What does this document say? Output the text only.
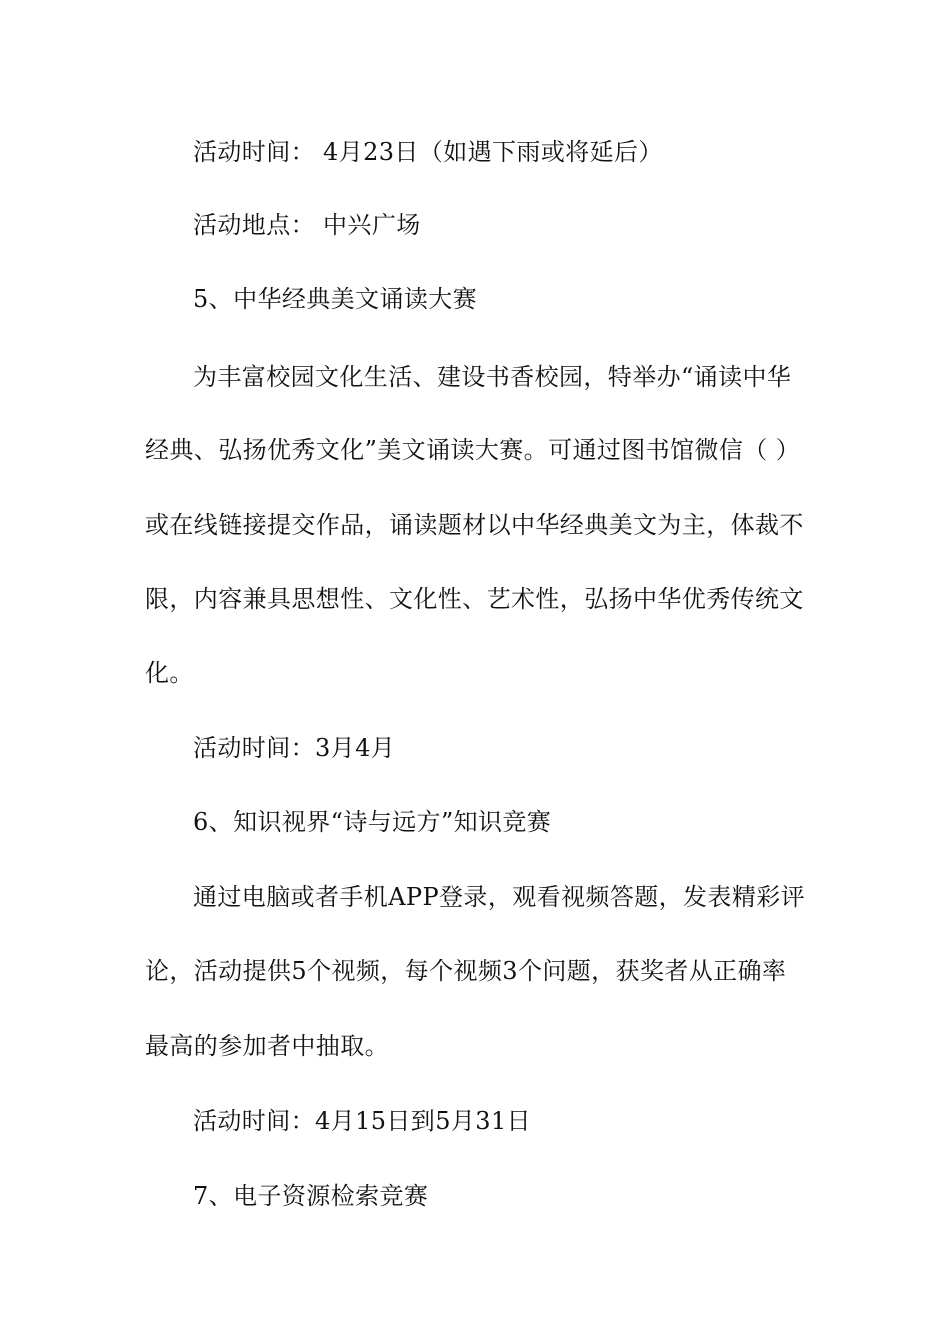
活动时间： 4月23日（如遇下雨或将延后）
活动地点： 中兴广场
5、中华经典美文诵读大赛
为丰富校园文化生活、建设书香校园，特举办“诵读中华
经典、弘扬优秀文化”美文诵读大赛。可通过图书馆微信（ ）
或在线链接提交作品，诵读题材以中华经典美文为主，体裁不
限，内容兼具思想性、文化性、艺术性，弘扬中华优秀传统文
化。
活动时间：3月4月
6、知识视界“诗与远方”知识竞赛
通过电脑或者手机APP登录，观看视频答题，发表精彩评
论，活动提供5个视频，每个视频3个问题，获奖者从正确率
最高的参加者中抽取。
活动时间：4月15日到5月31日
7、电子资源检索竞赛
